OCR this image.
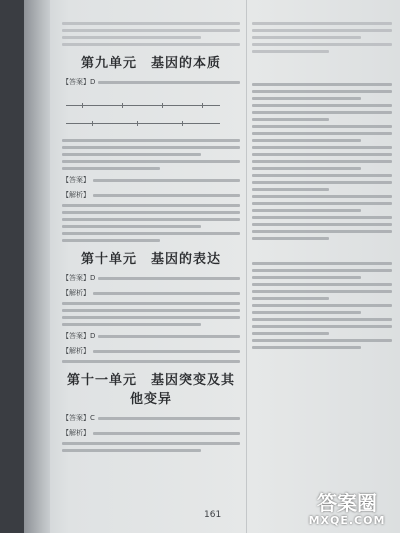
第九单元　基因的本质
【答案】D
【答案】
【解析】
第十单元　基因的表达
【答案】D
【解析】
【答案】D
【解析】
第十一单元　基因突变及其他变异
【答案】C
【解析】
161	答案圈
MXQE.COM
